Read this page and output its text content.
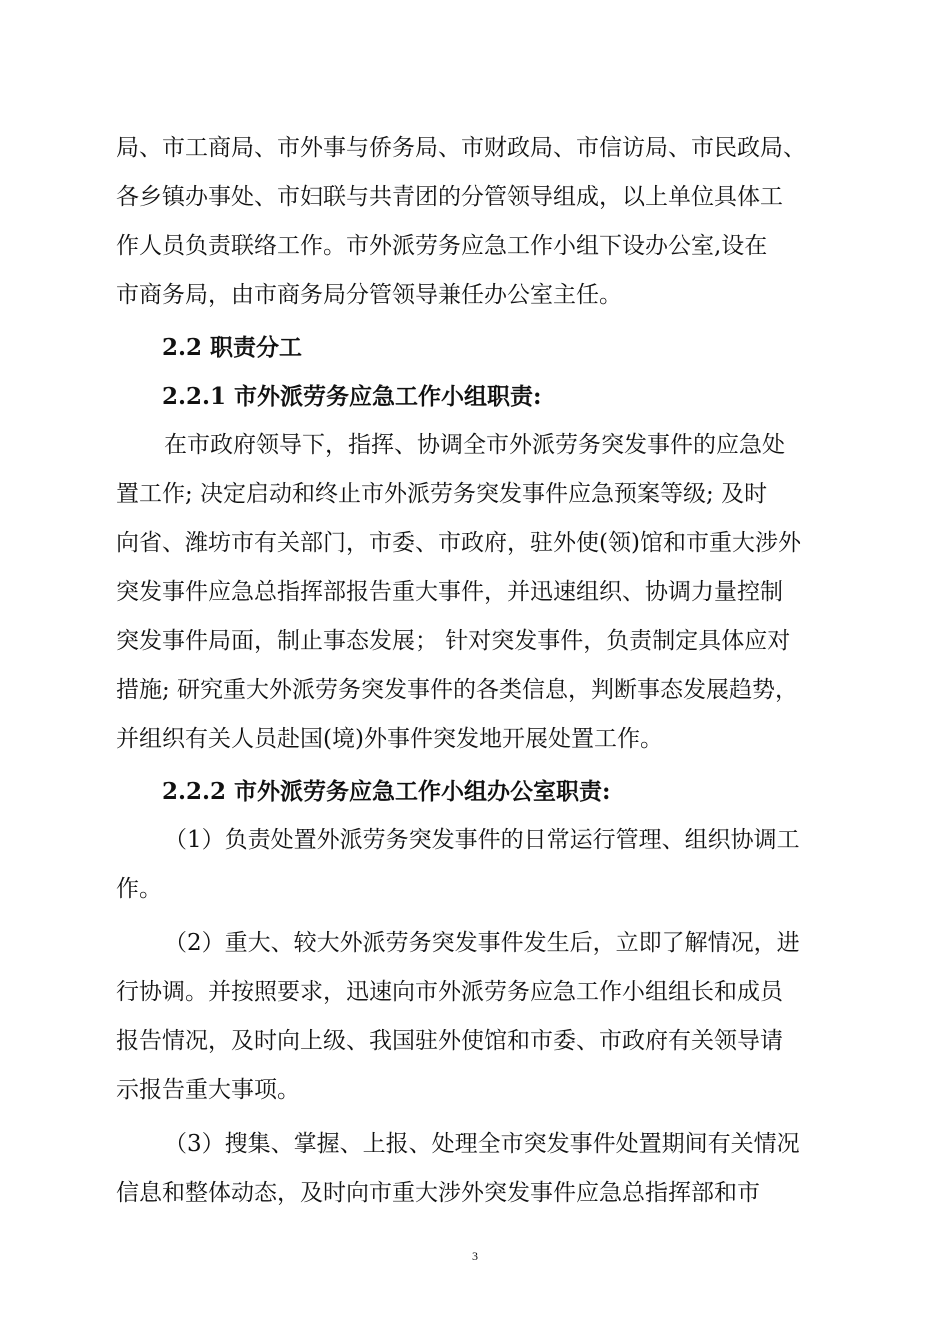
局、市工商局、市外事与侨务局、市财政局、市信访局、市民政局、
各乡镇办事处、市妇联与共青团的分管领导组成，以上单位具体工
作人员负责联络工作。市外派劳务应急工作小组下设办公室,设在
市商务局，由市商务局分管领导兼任办公室主任。
2.2 职责分工
2.2.1 市外派劳务应急工作小组职责:
在市政府领导下，指挥、协调全市外派劳务突发事件的应急处
置工作; 决定启动和终止市外派劳务突发事件应急预案等级; 及时
向省、潍坊市有关部门，市委、市政府，驻外使(领)馆和市重大涉外
突发事件应急总指挥部报告重大事件，并迅速组织、协调力量控制
突发事件局面，制止事态发展； 针对突发事件，负责制定具体应对
措施; 研究重大外派劳务突发事件的各类信息，判断事态发展趋势，
并组织有关人员赴国(境)外事件突发地开展处置工作。
2.2.2 市外派劳务应急工作小组办公室职责:
（1）负责处置外派劳务突发事件的日常运行管理、组织协调工
作。
（2）重大、较大外派劳务突发事件发生后，立即了解情况，进
行协调。并按照要求，迅速向市外派劳务应急工作小组组长和成员
报告情况，及时向上级、我国驻外使馆和市委、市政府有关领导请
示报告重大事项。
（3）搜集、掌握、上报、处理全市突发事件处置期间有关情况
信息和整体动态，及时向市重大涉外突发事件应急总指挥部和市
3
